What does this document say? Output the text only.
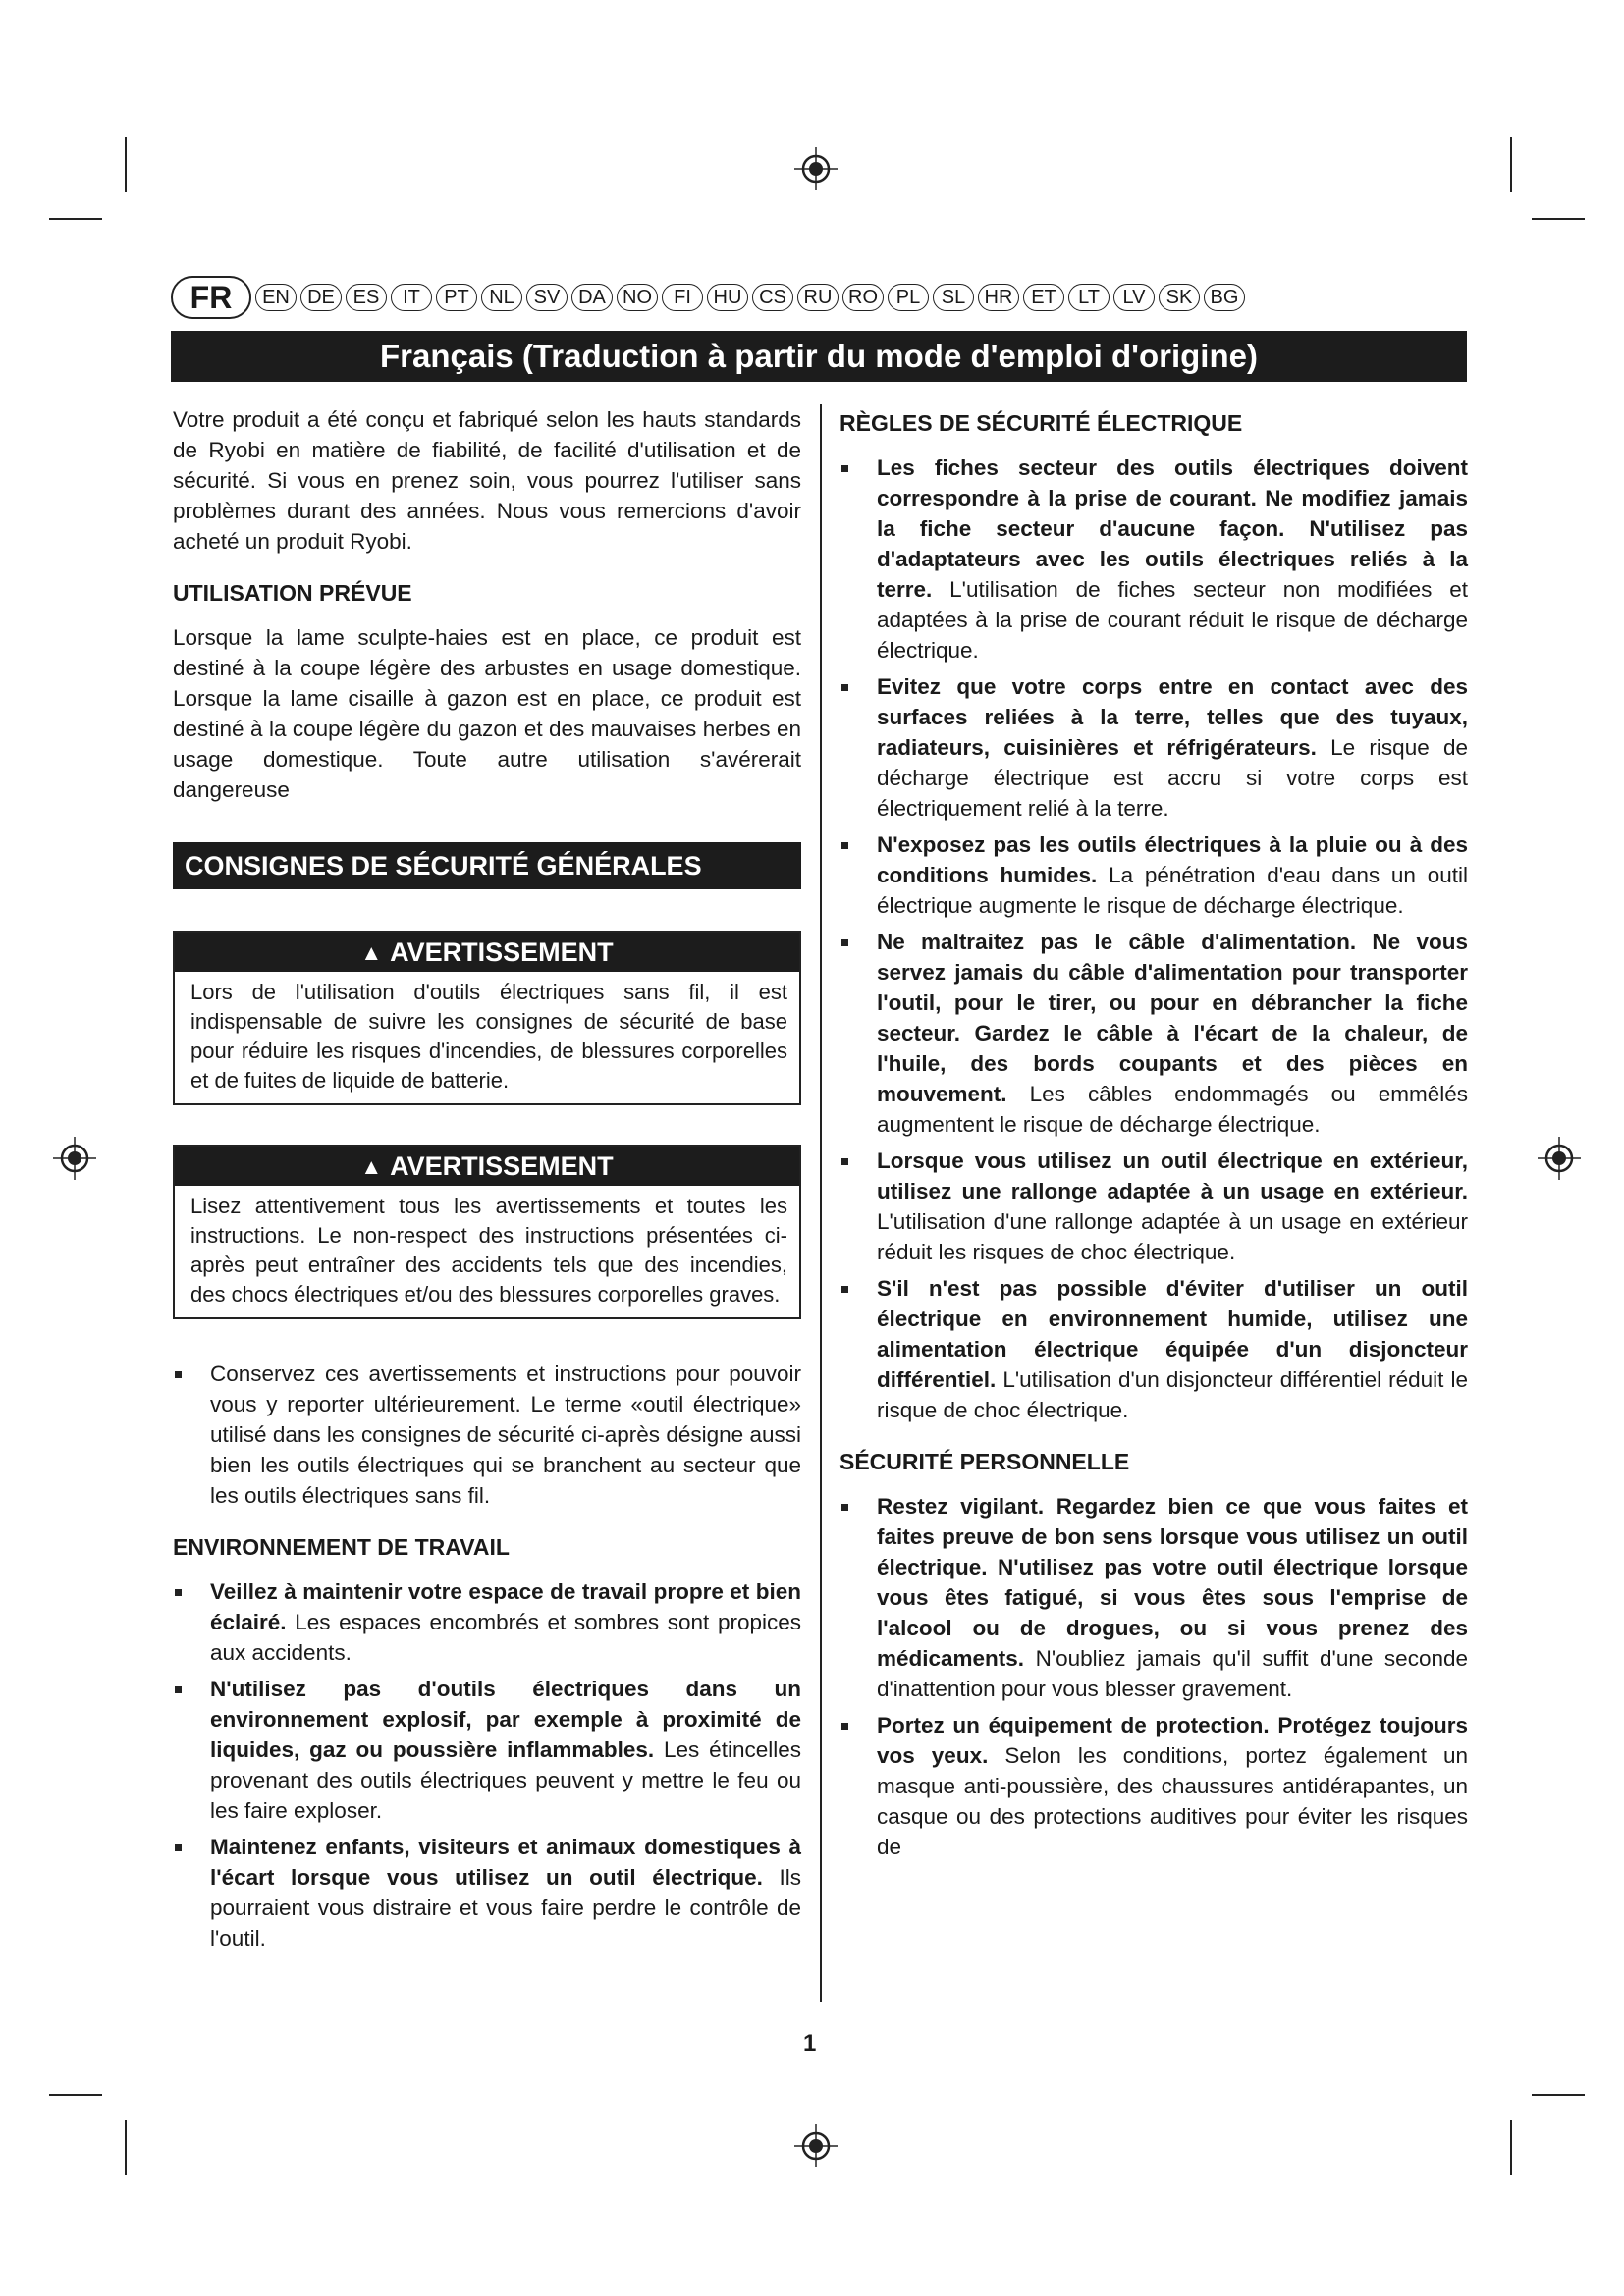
FR	EN DE ES	IT	PT	NL SV DA NO	FI	HU CS RU RO PL	SL HR ET	LT	LV	SK BG
Français (Traduction à partir du mode d'emploi d'origine)

Votre produit a été conçu et fabriqué selon les hauts standards de Ryobi en matière de fiabilité, de facilité d'utilisation et de sécurité. Si vous en prenez soin, vous pourrez l'utiliser sans problèmes durant des années. Nous vous remercions d'avoir acheté un produit Ryobi.

UTILISATION PRÉVUE

Lorsque la lame sculpte-haies est en place, ce produit est destiné à la coupe légère des arbustes en usage domestique. Lorsque la lame cisaille à gazon est en place, ce produit est destiné à la coupe légère du gazon et des mauvaises herbes en usage domestique. Toute autre utilisation s'avérerait dangereuse

CONSIGNES DE SÉCURITÉ GÉNÉRALES
▲ AVERTISSEMENT
Lors de l'utilisation d'outils électriques sans fil, il est indispensable de suivre les consignes de sécurité de base pour réduire les risques d'incendies, de blessures corporelles et de fuites de liquide de batterie.
▲ AVERTISSEMENT
Lisez attentivement tous les avertissements et toutes les instructions. Le non-respect des instructions présentées ci-après peut entraîner des accidents tels que des incendies, des chocs électriques et/ou des blessures corporelles graves.
Conservez ces avertissements et instructions pour pouvoir vous y reporter ultérieurement. Le terme «outil électrique» utilisé dans les consignes de sécurité ci-après désigne aussi bien les outils électriques qui se branchent au secteur que les outils électriques sans fil.
ENVIRONNEMENT DE TRAVAIL
Veillez à maintenir votre espace de travail propre et bien éclairé. Les espaces encombrés et sombres sont propices aux accidents.
N'utilisez pas d'outils électriques dans un environnement explosif, par exemple à proximité de liquides, gaz ou poussière inflammables. Les étincelles provenant des outils électriques peuvent y mettre le feu ou les faire exploser.
Maintenez enfants, visiteurs et animaux domestiques à l'écart lorsque vous utilisez un outil électrique. Ils pourraient vous distraire et vous faire perdre le contrôle de l'outil.
RÈGLES DE SÉCURITÉ ÉLECTRIQUE
Les fiches secteur des outils électriques doivent correspondre à la prise de courant. Ne modifiez jamais la fiche secteur d'aucune façon. N'utilisez pas d'adaptateurs avec les outils électriques reliés à la terre. L'utilisation de fiches secteur non modifiées et adaptées à la prise de courant réduit le risque de décharge électrique.
Evitez que votre corps entre en contact avec des surfaces reliées à la terre, telles que des tuyaux, radiateurs, cuisinières et réfrigérateurs. Le risque de décharge électrique est accru si votre corps est électriquement relié à la terre.
N'exposez pas les outils électriques à la pluie ou à des conditions humides. La pénétration d'eau dans un outil électrique augmente le risque de décharge électrique.
Ne maltraitez pas le câble d'alimentation. Ne vous servez jamais du câble d'alimentation pour transporter l'outil, pour le tirer, ou pour en débrancher la fiche secteur. Gardez le câble à l'écart de la chaleur, de l'huile, des bords coupants et des pièces en mouvement. Les câbles endommagés ou emmêlés augmentent le risque de décharge électrique.
Lorsque vous utilisez un outil électrique en extérieur, utilisez une rallonge adaptée à un usage en extérieur. L'utilisation d'une rallonge adaptée à un usage en extérieur réduit les risques de choc électrique.
S'il n'est pas possible d'éviter d'utiliser un outil électrique en environnement humide, utilisez une alimentation électrique équipée d'un disjoncteur différentiel. L'utilisation d'un disjoncteur différentiel réduit le risque de choc électrique.
SÉCURITÉ PERSONNELLE
Restez vigilant. Regardez bien ce que vous faites et faites preuve de bon sens lorsque vous utilisez un outil électrique. N'utilisez pas votre outil électrique lorsque vous êtes fatigué, si vous êtes sous l'emprise de l'alcool ou de drogues, ou si vous prenez des médicaments. N'oubliez jamais qu'il suffit d'une seconde d'inattention pour vous blesser gravement.
Portez un équipement de protection. Protégez toujours vos yeux. Selon les conditions, portez également un masque anti-poussière, des chaussures antidérapantes, un casque ou des protections auditives pour éviter les risques de
1
